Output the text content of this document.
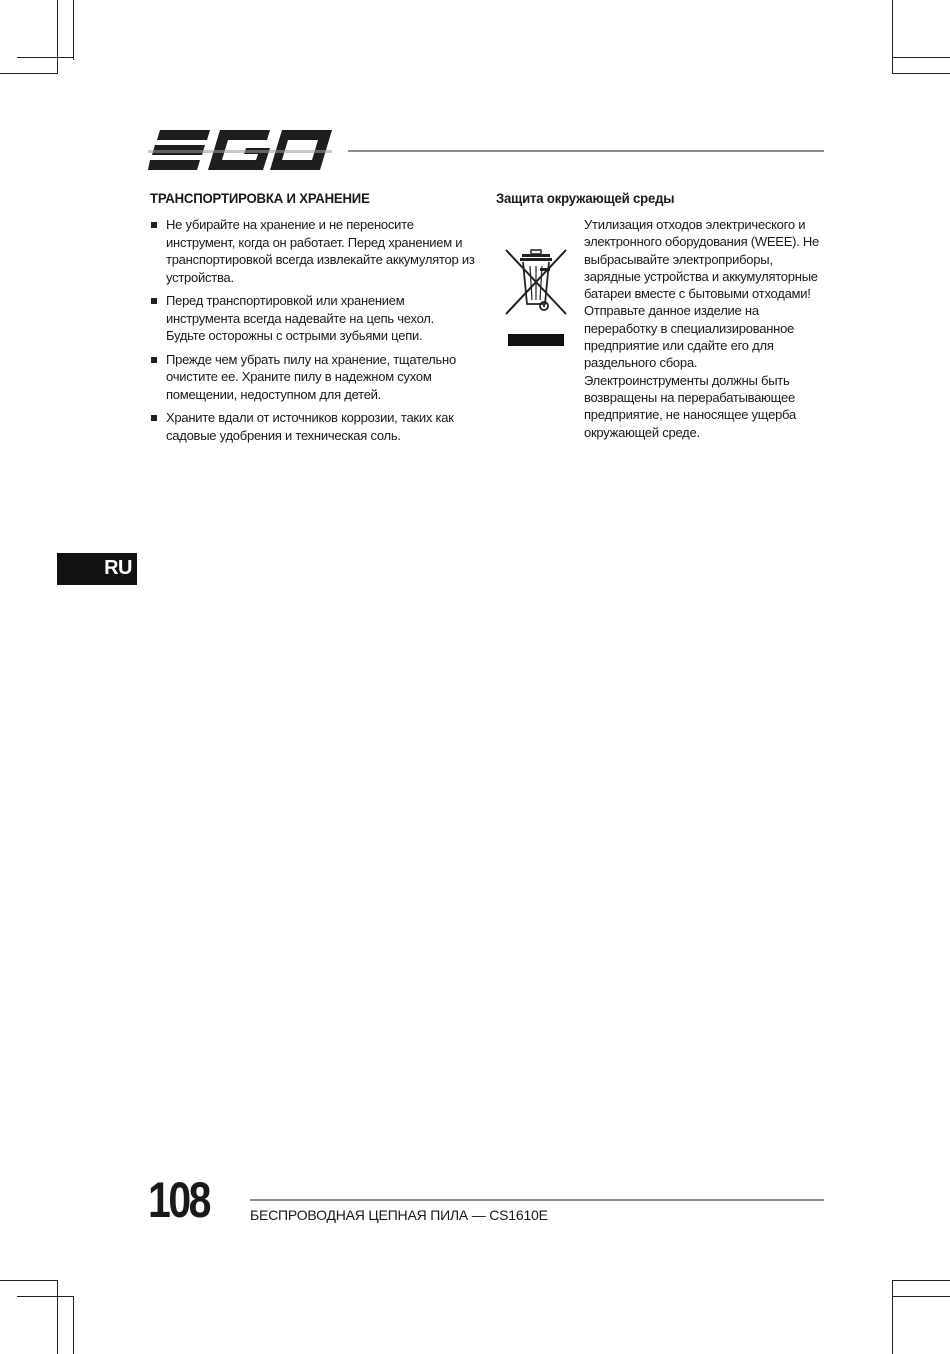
ТРАНСПОРТИРОВКА И ХРАНЕНИЕ
Не убирайте на хранение и не переносите инструмент, когда он работает. Перед хранением и транспортировкой всегда извлекайте аккумулятор из устройства.
Перед транспортировкой или хранением инструмента всегда надевайте на цепь чехол. Будьте осторожны с острыми зубьями цепи.
Прежде чем убрать пилу на хранение, тщательно очистите ее. Храните пилу в надежном сухом помещении, недоступном для детей.
Храните вдали от источников коррозии, таких как садовые удобрения и техническая соль.
Защита окружающей среды

Утилизация отходов электрического и электронного оборудования (WEEE). Не выбрасывайте электроприборы, зарядные устройства и аккумуляторные батареи вместе с бытовыми отходами!

Отправьте данное изделие на переработку в специализированное предприятие или сдайте его для раздельного сбора.

Электроинструменты должны быть возвращены на перерабатывающее предприятие, не наносящее ущерба окружающей среде.

RU
108	БЕСПРОВОДНАЯ ЦЕПНАЯ ПИЛА — CS1610E
